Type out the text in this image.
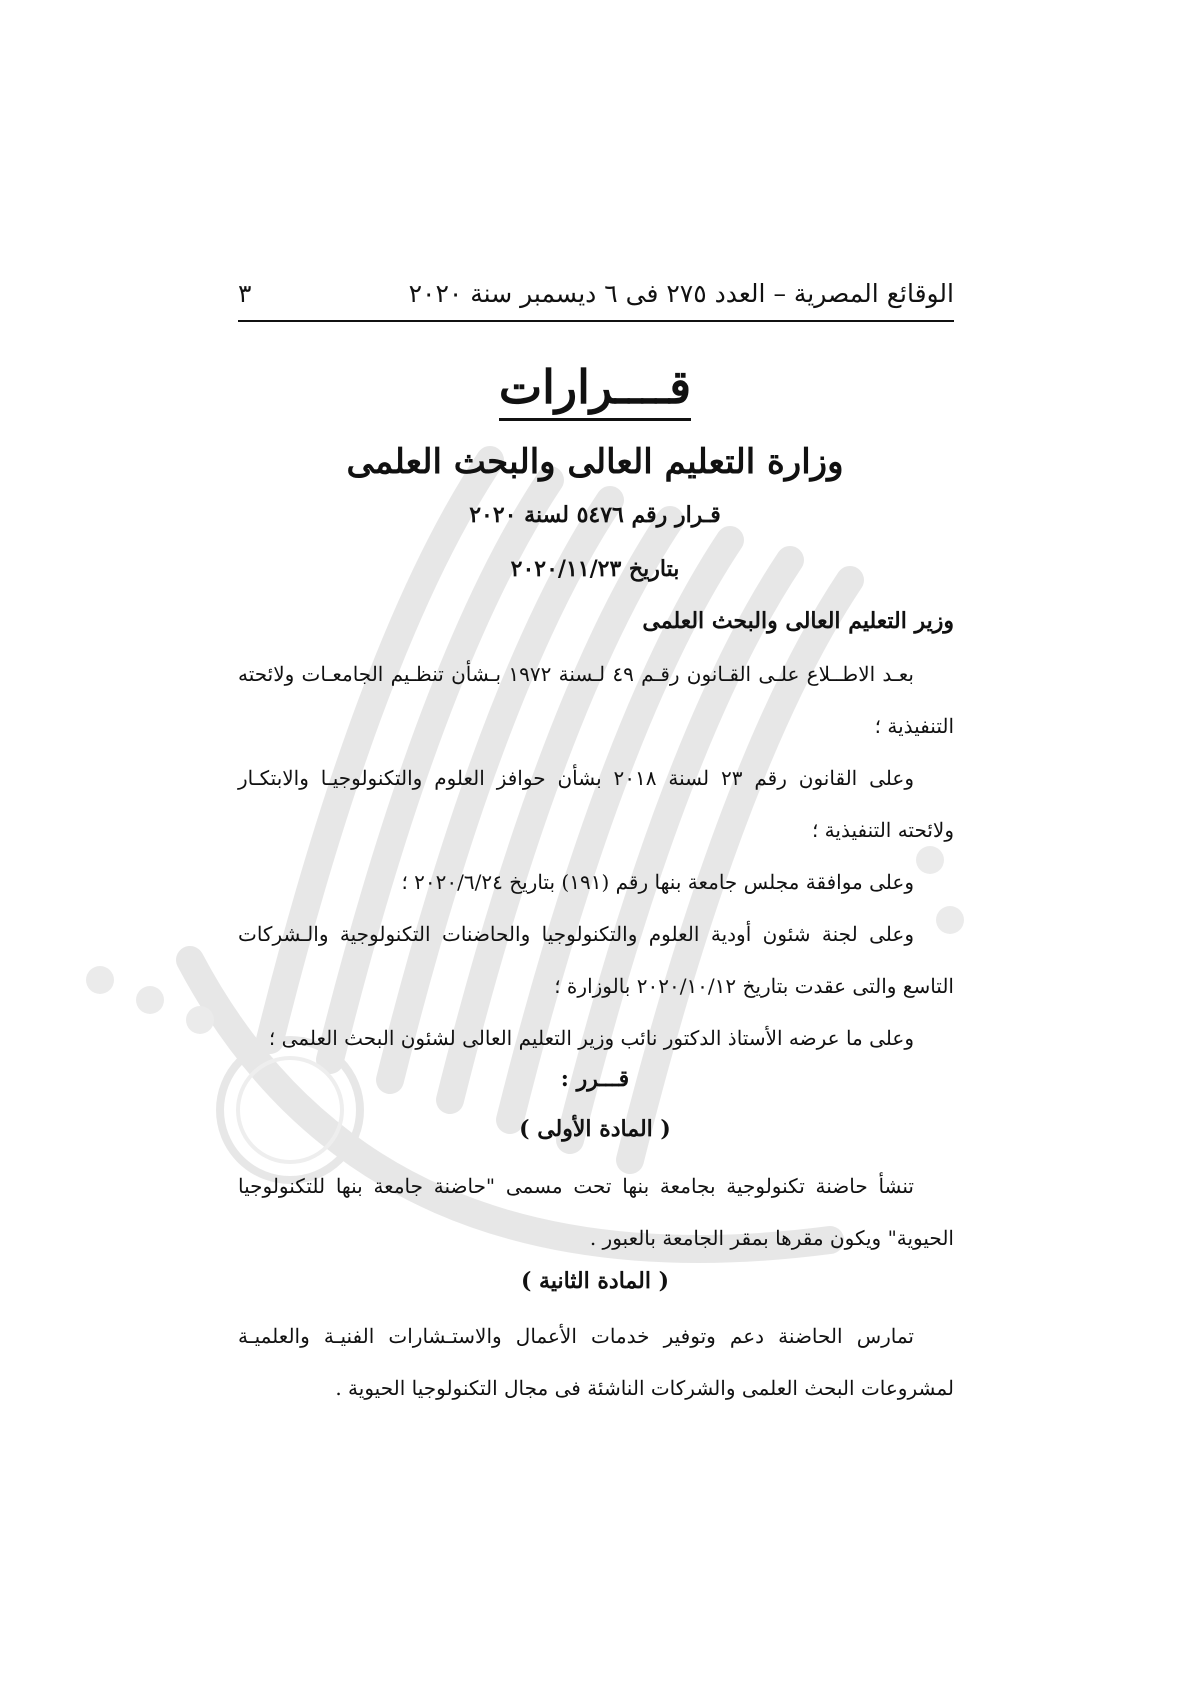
الوقائع المصرية – العدد ٢٧٥ فى ٦ ديسمبر سنة ٢٠٢٠
٣
قــــرارات
وزارة التعليم العالى والبحث العلمى
قـرار رقم ٥٤٧٦ لسنة ٢٠٢٠
بتاريخ ٢٠٢٠/١١/٢٣
وزير التعليم العالى والبحث العلمى
بعـد الاطــلاع علـى القـانون رقـم ٤٩ لـسنة ١٩٧٢ بـشأن تنظـيم الجامعـات ولائحته التنفيذية ؛
وعلى القانون رقم ٢٣ لسنة ٢٠١٨ بشأن حوافز العلوم والتكنولوجيـا والابتكـار ولائحته التنفيذية ؛
وعلى موافقة مجلس جامعة بنها رقم (١٩١) بتاريخ ٢٠٢٠/٦/٢٤ ؛
وعلى لجنة شئون أودية العلوم والتكنولوجيا والحاضنات التكنولوجية والـشركات التاسع والتى عقدت بتاريخ ٢٠٢٠/١٠/١٢ بالوزارة ؛
وعلى ما عرضه الأستاذ الدكتور نائب وزير التعليم العالى لشئون البحث العلمى ؛
قـــرر :
( المادة الأولى )
تنشأ حاضنة تكنولوجية بجامعة بنها تحت مسمى "حاضنة جامعة بنها للتكنولوجيا الحيوية" ويكون مقرها بمقر الجامعة بالعبور .
( المادة الثانية )
تمارس الحاضنة دعم وتوفير خدمات الأعمال والاستـشارات الفنيـة والعلميـة لمشروعات البحث العلمى والشركات الناشئة فى مجال التكنولوجيا الحيوية .
